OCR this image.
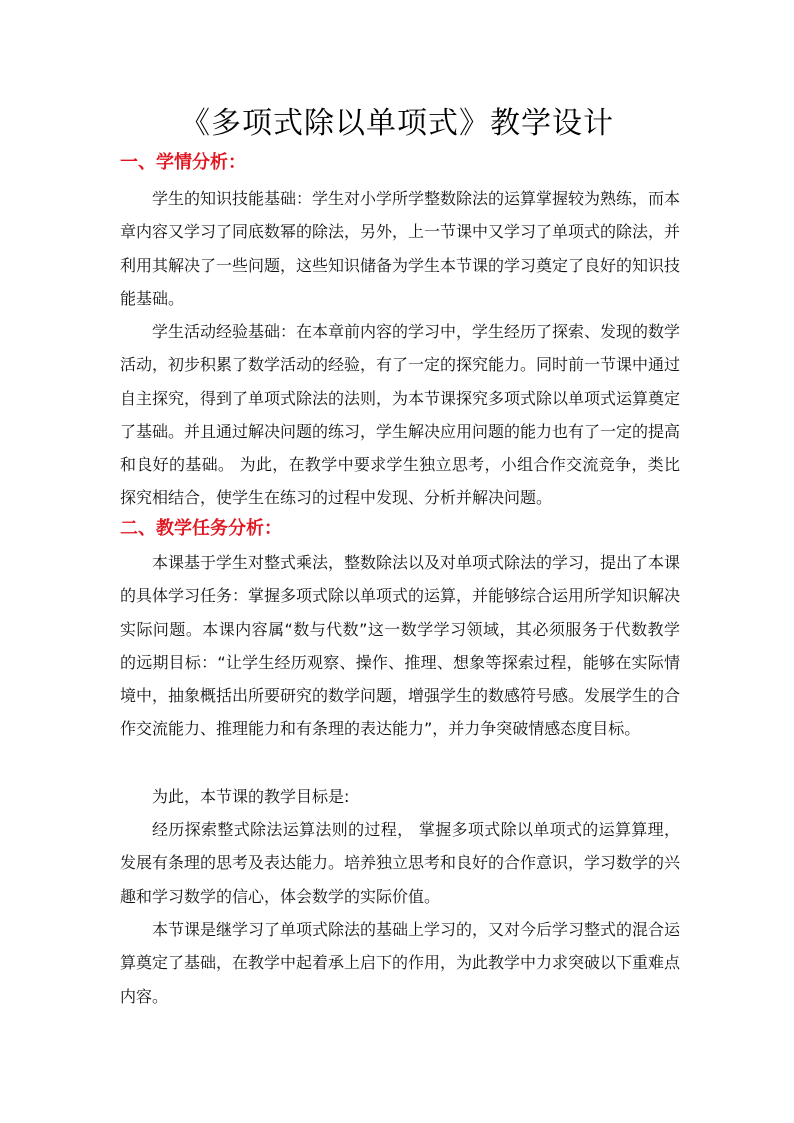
《多项式除以单项式》教学设计
一、学情分析：

学生的知识技能基础：学生对小学所学整数除法的运算掌握较为熟练，而本章内容又学习了同底数幂的除法，另外，上一节课中又学习了单项式的除法，并利用其解决了一些问题，这些知识储备为学生本节课的学习奠定了良好的知识技能基础。

学生活动经验基础：在本章前内容的学习中，学生经历了探索、发现的数学活动，初步积累了数学活动的经验，有了一定的探究能力。同时前一节课中通过自主探究，得到了单项式除法的法则，为本节课探究多项式除以单项式运算奠定了基础。并且通过解决问题的练习，学生解决应用问题的能力也有了一定的提高和良好的基础。 为此，在教学中要求学生独立思考，小组合作交流竞争，类比探究相结合，使学生在练习的过程中发现、分析并解决问题。

二、教学任务分析：

本课基于学生对整式乘法，整数除法以及对单项式除法的学习，提出了本课的具体学习任务：掌握多项式除以单项式的运算，并能够综合运用所学知识解决实际问题。本课内容属“数与代数”这一数学学习领域，其必须服务于代数教学的远期目标：“让学生经历观察、操作、推理、想象等探索过程，能够在实际情境中，抽象概括出所要研究的数学问题，增强学生的数感符号感。发展学生的合作交流能力、推理能力和有条理的表达能力”，并力争突破情感态度目标。

为此，本节课的教学目标是:

经历探索整式除法运算法则的过程， 掌握多项式除以单项式的运算算理，发展有条理的思考及表达能力。培养独立思考和良好的合作意识，学习数学的兴趣和学习数学的信心，体会数学的实际价值。

本节课是继学习了单项式除法的基础上学习的，又对今后学习整式的混合运算奠定了基础，在教学中起着承上启下的作用，为此教学中力求突破以下重难点内容。
